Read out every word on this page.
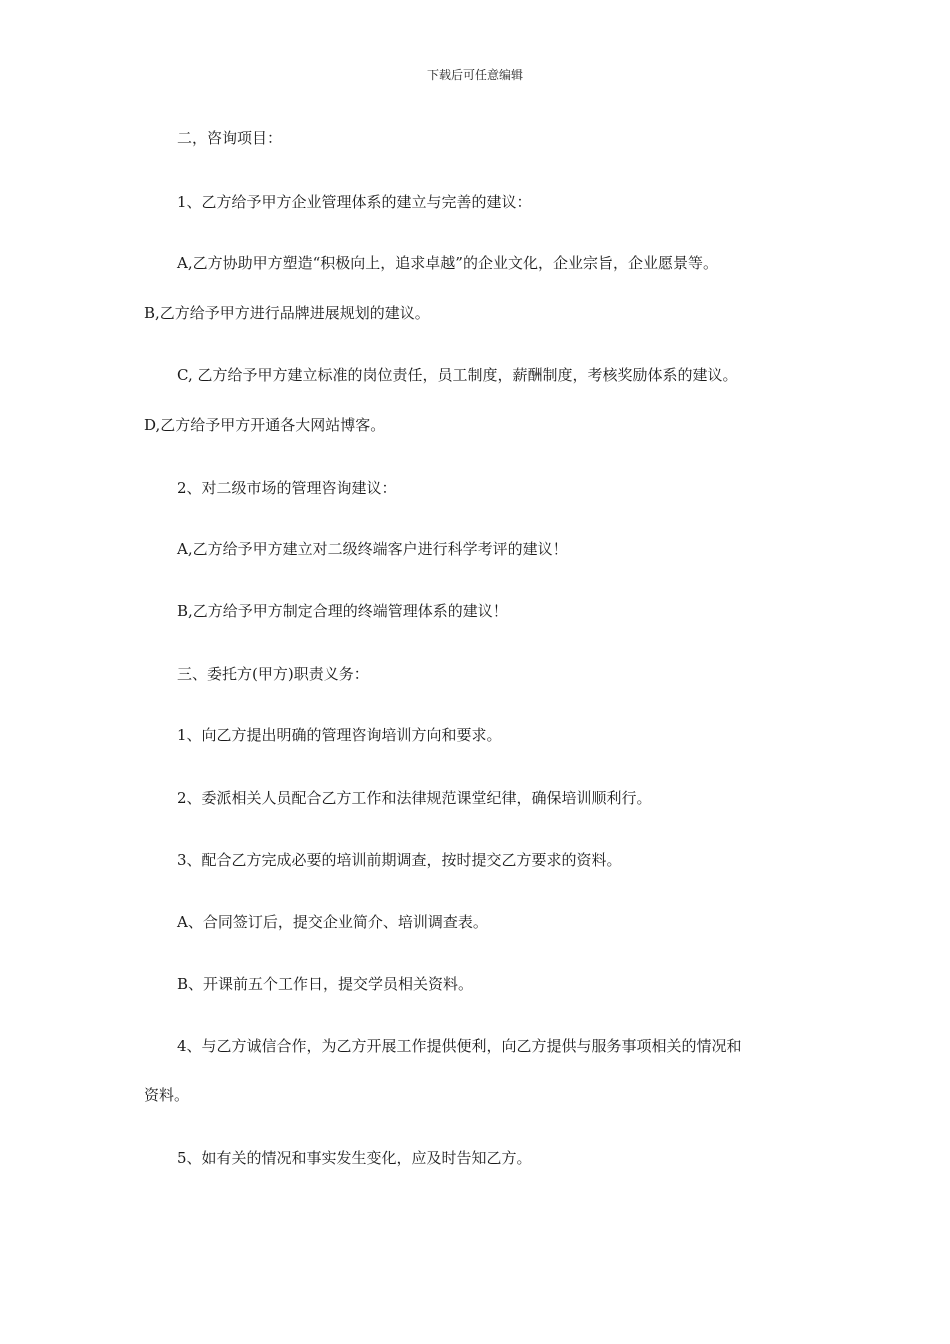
下载后可任意编辑
二，咨询项目：
1、乙方给予甲方企业管理体系的建立与完善的建议：
A,乙方协助甲方塑造“积极向上，追求卓越”的企业文化，企业宗旨，企业愿景等。
B,乙方给予甲方进行品牌进展规划的建议。
C, 乙方给予甲方建立标准的岗位责任，员工制度，薪酬制度，考核奖励体系的建议。
D,乙方给予甲方开通各大网站博客。
2、对二级市场的管理咨询建议：
A,乙方给予甲方建立对二级终端客户进行科学考评的建议！
B,乙方给予甲方制定合理的终端管理体系的建议！
三、委托方(甲方)职责义务：
1、向乙方提出明确的管理咨询培训方向和要求。
2、委派相关人员配合乙方工作和法律规范课堂纪律，确保培训顺利行。
3、配合乙方完成必要的培训前期调查，按时提交乙方要求的资料。
A、合同签订后，提交企业简介、培训调查表。
B、开课前五个工作日，提交学员相关资料。
4、与乙方诚信合作，为乙方开展工作提供便利，向乙方提供与服务事项相关的情况和
资料。
5、如有关的情况和事实发生变化，应及时告知乙方。
